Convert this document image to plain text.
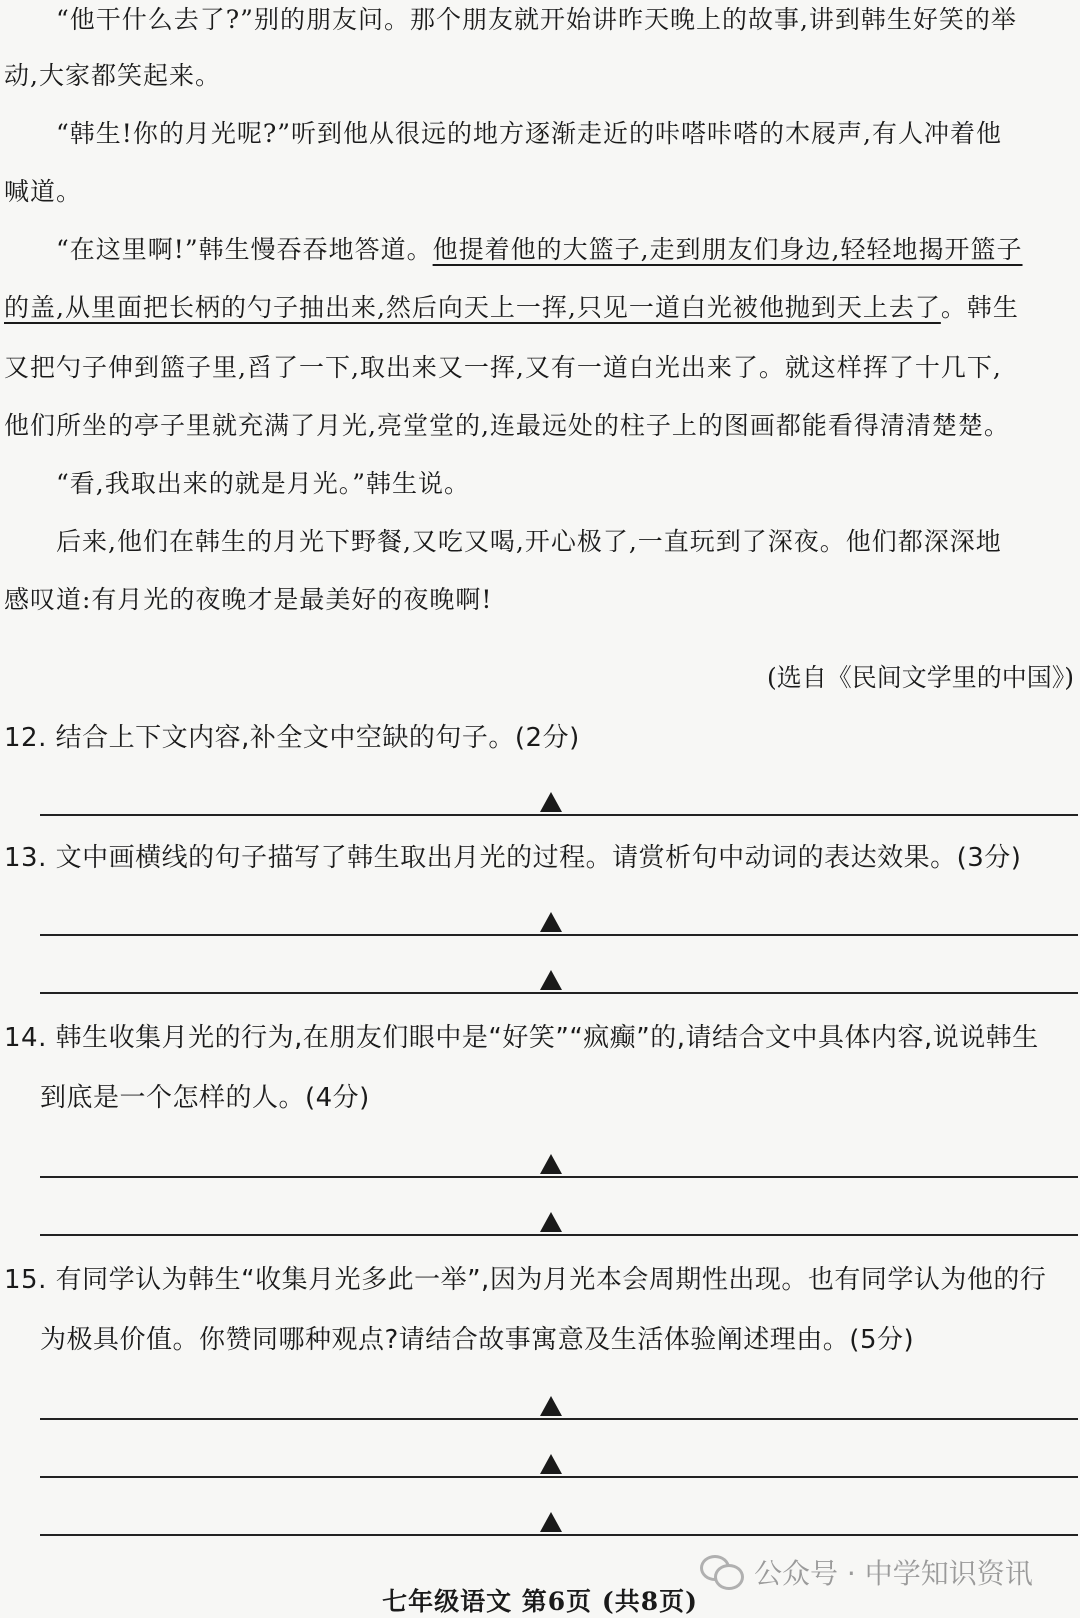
“他干什么去了?”别的朋友问。那个朋友就开始讲昨天晚上的故事,讲到韩生好笑的举
动,大家都笑起来。
“韩生!你的月光呢?”听到他从很远的地方逐渐走近的咔嗒咔嗒的木屐声,有人冲着他
喊道。
“在这里啊!”韩生慢吞吞地答道。他提着他的大篮子,走到朋友们身边,轻轻地揭开篮子
的盖,从里面把长柄的勺子抽出来,然后向天上一挥,只见一道白光被他抛到天上去了。韩生
又把勺子伸到篮子里,舀了一下,取出来又一挥,又有一道白光出来了。就这样挥了十几下,
他们所坐的亭子里就充满了月光,亮堂堂的,连最远处的柱子上的图画都能看得清清楚楚。
“看,我取出来的就是月光。”韩生说。
后来,他们在韩生的月光下野餐,又吃又喝,开心极了,一直玩到了深夜。他们都深深地
感叹道:有月光的夜晚才是最美好的夜晚啊!
(选自《民间文学里的中国》)
12. 结合上下文内容,补全文中空缺的句子。(2分)
13. 文中画横线的句子描写了韩生取出月光的过程。请赏析句中动词的表达效果。(3分)
14. 韩生收集月光的行为,在朋友们眼中是“好笑”“疯癫”的,请结合文中具体内容,说说韩生
到底是一个怎样的人。(4分)
15. 有同学认为韩生“收集月光多此一举”,因为月光本会周期性出现。也有同学认为他的行
为极具价值。你赞同哪种观点?请结合故事寓意及生活体验阐述理由。(5分)
公众号 · 中学知识资讯
七年级语文 第6页 (共8页)
